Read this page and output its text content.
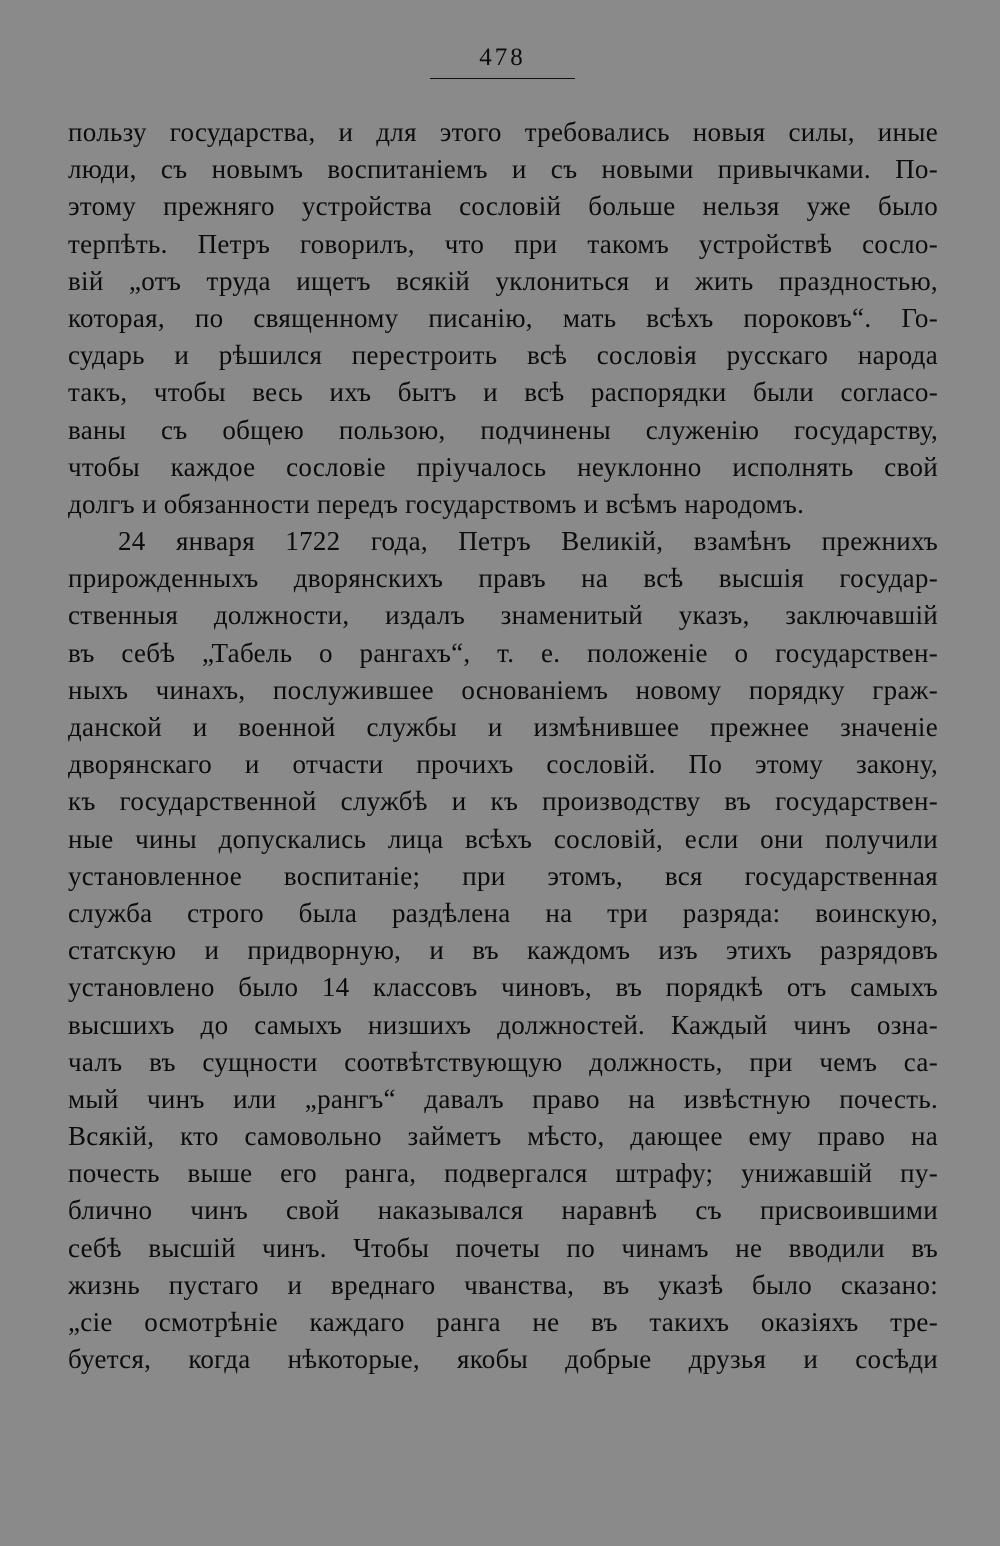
478
пользу государства, и для этого требовались новыя силы, иные
люди, съ новымъ воспитаніемъ и съ новыми привычками. По-
этому прежняго устройства сословій больше нельзя уже было
терпѣть. Петръ говорилъ, что при такомъ устройствѣ сосло-
вій „отъ труда ищетъ всякій уклониться и жить праздностью,
которая, по священному писанію, мать всѣхъ пороковъ“. Го-
сударь и рѣшился перестроить всѣ сословія русскаго народа
такъ, чтобы весь ихъ бытъ и всѣ распорядки были согласо-
ваны съ общею пользою, подчинены служенію государству,
чтобы каждое сословіе пріучалось неуклонно исполнять свой
долгъ и обязанности передъ государствомъ и всѣмъ народомъ.
24 января 1722 года, Петръ Великій, взамѣнъ прежнихъ
прирожденныхъ дворянскихъ правъ на всѣ высшія государ-
ственныя должности, издалъ знаменитый указъ, заключавшій
въ себѣ „Табель о рангахъ“, т. е. положеніе о государствен-
ныхъ чинахъ, послужившее основаніемъ новому порядку граж-
данской и военной службы и измѣнившее прежнее значеніе
дворянскаго и отчасти прочихъ сословій. По этому закону,
къ государственной службѣ и къ производству въ государствен-
ные чины допускались лица всѣхъ сословій, если они получили
установленное воспитаніе; при этомъ, вся государственная
служба строго была раздѣлена на три разряда: воинскую,
статскую и придворную, и въ каждомъ изъ этихъ разрядовъ
установлено было 14 классовъ чиновъ, въ порядкѣ отъ самыхъ
высшихъ до самыхъ низшихъ должностей. Каждый чинъ озна-
чалъ въ сущности соотвѣтствующую должность, при чемъ са-
мый чинъ или „рангъ“ давалъ право на извѣстную почесть.
Всякій, кто самовольно займетъ мѣсто, дающее ему право на
почесть выше его ранга, подвергался штрафу; унижавшій пу-
блично чинъ свой наказывался наравнѣ съ присвоившими
себѣ высшій чинъ. Чтобы почеты по чинамъ не вводили въ
жизнь пустаго и вреднаго чванства, въ указѣ было сказано:
„сіе осмотрѣніе каждаго ранга не въ такихъ оказіяхъ тре-
буется, когда нѣкоторые, якобы добрые друзья и сосѣди
